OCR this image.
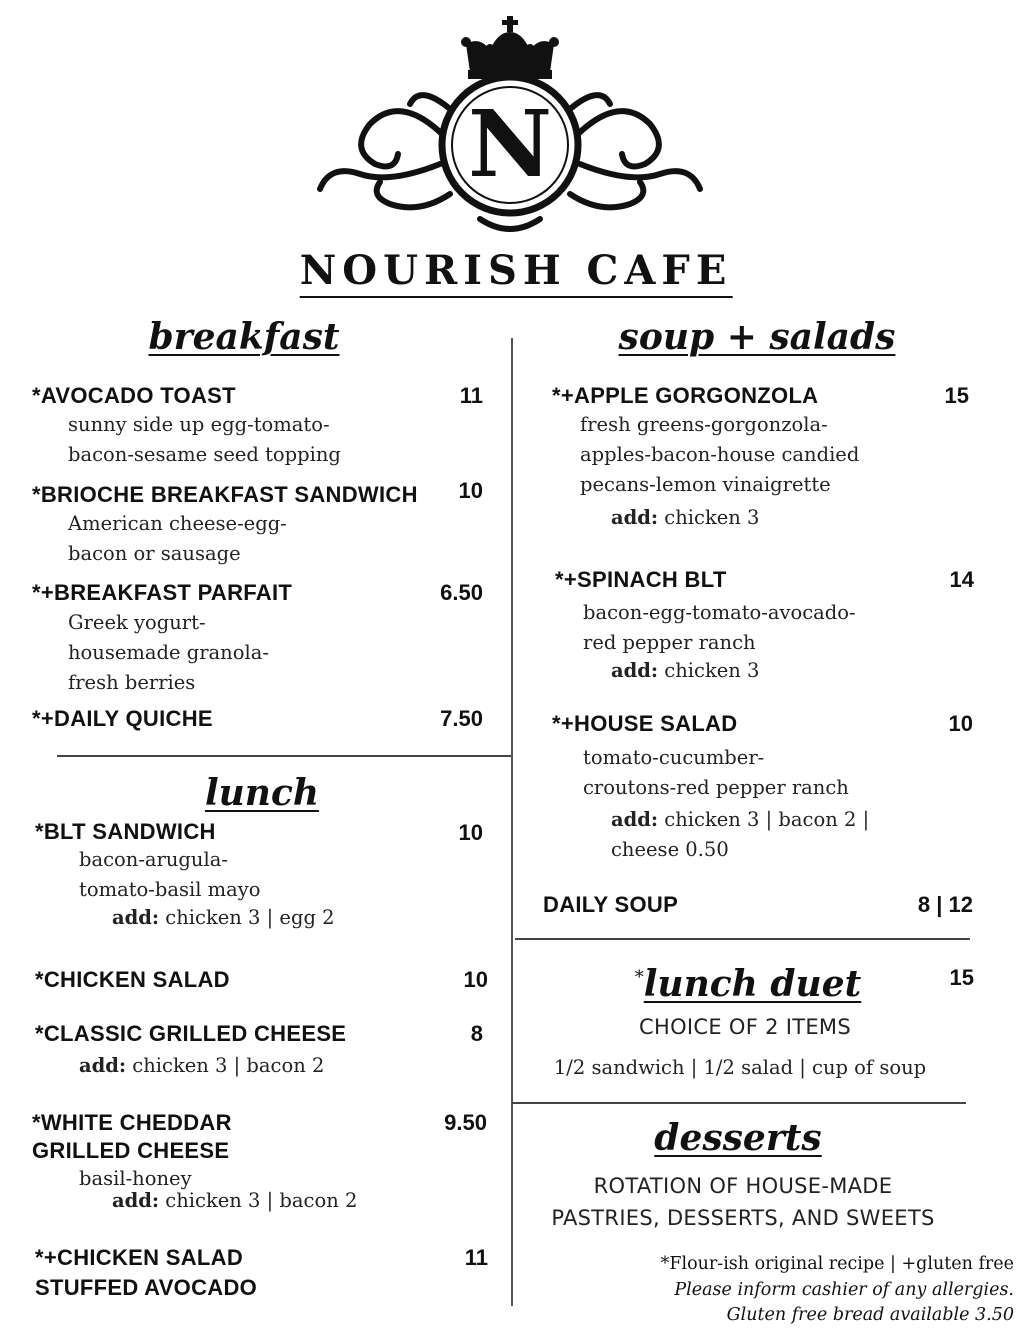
N
NOURISH CAFE
breakfast
*AVOCADO TOAST	11
sunny side up egg-tomato-
bacon-sesame seed topping
*BRIOCHE BREAKFAST SANDWICH 10
American cheese-egg-
bacon or sausage
*+BREAKFAST PARFAIT	6.50
Greek yogurt-
housemade granola-
fresh berries
*+DAILY QUICHE	7.50
lunch
*BLT SANDWICH	10
bacon-arugula-
tomato-basil mayo
add: chicken 3 | egg 2
*CHICKEN SALAD	10
*CLASSIC GRILLED CHEESE	8
add: chicken 3 | bacon 2
*WHITE CHEDDAR
GRILLED CHEESE
9.50
basil-honey
add: chicken 3 | bacon 2
*+CHICKEN SALAD
STUFFED AVOCADO
11
soup + salads
*+APPLE GORGONZOLA	15
fresh greens-gorgonzola-
apples-bacon-house candied
pecans-lemon vinaigrette
add: chicken 3
*+SPINACH BLT	14
bacon-egg-tomato-avocado-
red pepper ranch
add: chicken 3
*+HOUSE SALAD	10
tomato-cucumber-
croutons-red pepper ranch
add: chicken 3 | bacon 2 |
cheese 0.50
DAILY SOUP	8 | 12
*lunch duet	15
CHOICE OF 2 ITEMS
1/2 sandwich | 1/2 salad | cup of soup
desserts
ROTATION OF HOUSE-MADE
PASTRIES, DESSERTS, AND SWEETS
*Flour-ish original recipe | +gluten free
Please inform cashier of any allergies.
Gluten free bread available 3.50
